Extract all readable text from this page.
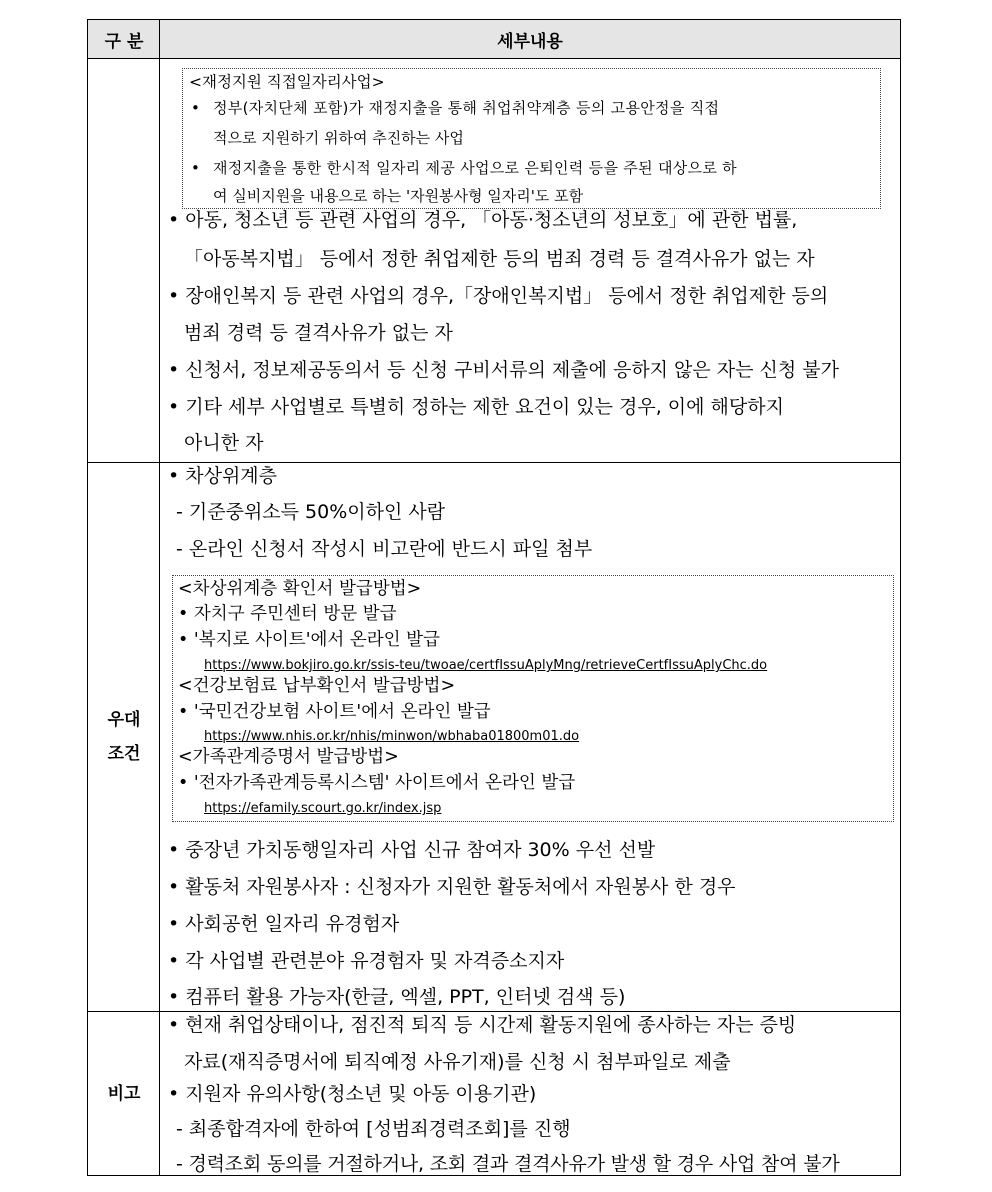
구 분	세부내용
<재정지원 직접일자리사업>
• 정부(자치단체 포함)가 재정지출을 통해 취업취약계층 등의 고용안정을 직접
적으로 지원하기 위하여 추진하는 사업
• 재정지출을 통한 한시적 일자리 제공 사업으로 은퇴인력 등을 주된 대상으로 하
여 실비지원을 내용으로 하는 '자원봉사형 일자리'도 포함
• 아동, 청소년 등 관련 사업의 경우, 「아동·청소년의 성보호」에 관한 법률,
「아동복지법」 등에서 정한 취업제한 등의 범죄 경력 등 결격사유가 없는 자
• 장애인복지 등 관련 사업의 경우,「장애인복지법」 등에서 정한 취업제한 등의
범죄 경력 등 결격사유가 없는 자
• 신청서, 정보제공동의서 등 신청 구비서류의 제출에 응하지 않은 자는 신청 불가
• 기타 세부 사업별로 특별히 정하는 제한 요건이 있는 경우, 이에 해당하지
아니한 자
우대
조건
• 차상위계층
- 기준중위소득 50%이하인 사람
- 온라인 신청서 작성시 비고란에 반드시 파일 첨부
<차상위계층 확인서 발급방법>
• 자치구 주민센터 방문 발급
• '복지로 사이트'에서 온라인 발급
https://www.bokjiro.go.kr/ssis-teu/twoae/certfIssuAplyMng/retrieveCertfIssuAplyChc.do
<건강보험료 납부확인서 발급방법>
• '국민건강보험 사이트'에서 온라인 발급
https://www.nhis.or.kr/nhis/minwon/wbhaba01800m01.do
<가족관계증명서 발급방법>
• '전자가족관계등록시스템' 사이트에서 온라인 발급
https://efamily.scourt.go.kr/index.jsp
• 중장년 가치동행일자리 사업 신규 참여자 30% 우선 선발
• 활동처 자원봉사자 : 신청자가 지원한 활동처에서 자원봉사 한 경우
• 사회공헌 일자리 유경험자
• 각 사업별 관련분야 유경험자 및 자격증소지자
• 컴퓨터 활용 가능자(한글, 엑셀, PPT, 인터넷 검색 등)
비고
• 현재 취업상태이나, 점진적 퇴직 등 시간제 활동지원에 종사하는 자는 증빙
자료(재직증명서에 퇴직예정 사유기재)를 신청 시 첨부파일로 제출
• 지원자 유의사항(청소년 및 아동 이용기관)
- 최종합격자에 한하여 [성범죄경력조회]를 진행
- 경력조회 동의를 거절하거나, 조회 결과 결격사유가 발생 할 경우 사업 참여 불가
